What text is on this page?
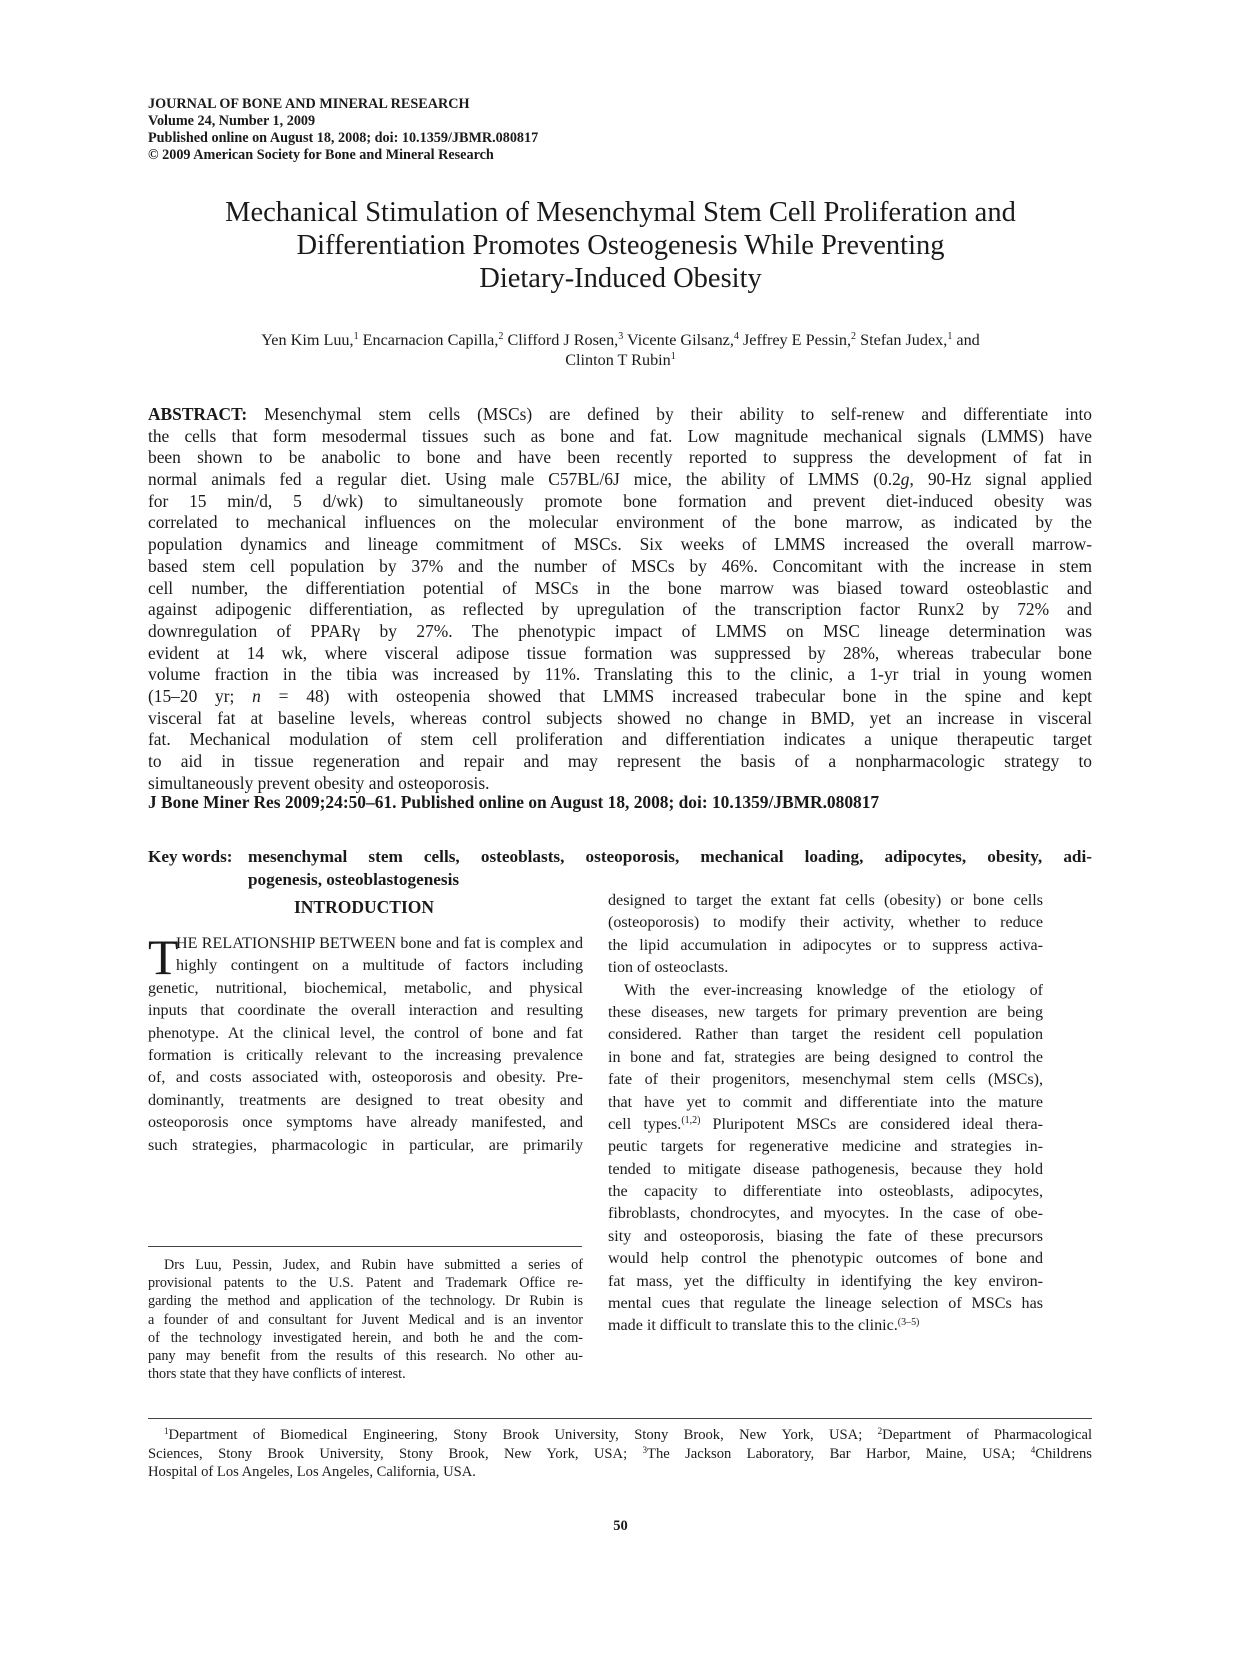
JOURNAL OF BONE AND MINERAL RESEARCH
Volume 24, Number 1, 2009
Published online on August 18, 2008; doi: 10.1359/JBMR.080817
© 2009 American Society for Bone and Mineral Research
Mechanical Stimulation of Mesenchymal Stem Cell Proliferation and
Differentiation Promotes Osteogenesis While Preventing
Dietary-Induced Obesity
Yen Kim Luu,$^1$ Encarnacion Capilla,$^2$ Clifford J Rosen,$^3$ Vicente Gilsanz,$^4$ Jeffrey E Pessin,$^2$ Stefan Judex,$^1$ and
Clinton T Rubin$^1$
ABSTRACT: Mesenchymal stem cells (MSCs) are defined by their ability to self-renew and differentiate into
the cells that form mesodermal tissues such as bone and fat. Low magnitude mechanical signals (LMMS) have
been shown to be anabolic to bone and have been recently reported to suppress the development of fat in
normal animals fed a regular diet. Using male C57BL/6J mice, the ability of LMMS (0.2g, 90-Hz signal applied
for 15 min/d, 5 d/wk) to simultaneously promote bone formation and prevent diet-induced obesity was
correlated to mechanical influences on the molecular environment of the bone marrow, as indicated by the
population dynamics and lineage commitment of MSCs. Six weeks of LMMS increased the overall marrow-
based stem cell population by 37% and the number of MSCs by 46%. Concomitant with the increase in stem
cell number, the differentiation potential of MSCs in the bone marrow was biased toward osteoblastic and
against adipogenic differentiation, as reflected by upregulation of the transcription factor Runx2 by 72% and
downregulation of PPARγ by 27%. The phenotypic impact of LMMS on MSC lineage determination was
evident at 14 wk, where visceral adipose tissue formation was suppressed by 28%, whereas trabecular bone
volume fraction in the tibia was increased by 11%. Translating this to the clinic, a 1-yr trial in young women
(15–20 yr; n = 48) with osteopenia showed that LMMS increased trabecular bone in the spine and kept
visceral fat at baseline levels, whereas control subjects showed no change in BMD, yet an increase in visceral
fat. Mechanical modulation of stem cell proliferation and differentiation indicates a unique therapeutic target
to aid in tissue regeneration and repair and may represent the basis of a nonpharmacologic strategy to
simultaneously prevent obesity and osteoporosis.
J Bone Miner Res 2009;24:50–61. Published online on August 18, 2008; doi: 10.1359/JBMR.080817
Key words: mesenchymal stem cells, osteoblasts, osteoporosis, mechanical loading, adipocytes, obesity, adi-
pogenesis, osteoblastogenesis
INTRODUCTION
T
HE RELATIONSHIP BETWEEN bone and fat is complex and
highly contingent on a multitude of factors including
genetic, nutritional, biochemical, metabolic, and physical
inputs that coordinate the overall interaction and resulting
phenotype. At the clinical level, the control of bone and fat
formation is critically relevant to the increasing prevalence
of, and costs associated with, osteoporosis and obesity. Pre-
dominantly, treatments are designed to treat obesity and
osteoporosis once symptoms have already manifested, and
such strategies, pharmacologic in particular, are primarily
Drs Luu, Pessin, Judex, and Rubin have submitted a series of
provisional patents to the U.S. Patent and Trademark Office re-
garding the method and application of the technology. Dr Rubin is
a founder of and consultant for Juvent Medical and is an inventor
of the technology investigated herein, and both he and the com-
pany may benefit from the results of this research. No other au-
thors state that they have conflicts of interest.
designed to target the extant fat cells (obesity) or bone cells
(osteoporosis) to modify their activity, whether to reduce
the lipid accumulation in adipocytes or to suppress activa-
tion of osteoclasts.
With the ever-increasing knowledge of the etiology of
these diseases, new targets for primary prevention are being
considered. Rather than target the resident cell population
in bone and fat, strategies are being designed to control the
fate of their progenitors, mesenchymal stem cells (MSCs),
that have yet to commit and differentiate into the mature
cell types.$^{(1,2)}$ Pluripotent MSCs are considered ideal thera-
peutic targets for regenerative medicine and strategies in-
tended to mitigate disease pathogenesis, because they hold
the capacity to differentiate into osteoblasts, adipocytes,
fibroblasts, chondrocytes, and myocytes. In the case of obe-
sity and osteoporosis, biasing the fate of these precursors
would help control the phenotypic outcomes of bone and
fat mass, yet the difficulty in identifying the key environ-
mental cues that regulate the lineage selection of MSCs has
made it difficult to translate this to the clinic.$^{(3-5)}$
$^1$Department of Biomedical Engineering, Stony Brook University, Stony Brook, New York, USA; $^2$Department of Pharmacological
Sciences, Stony Brook University, Stony Brook, New York, USA; $^3$The Jackson Laboratory, Bar Harbor, Maine, USA; $^4$Childrens
Hospital of Los Angeles, Los Angeles, California, USA.
50
